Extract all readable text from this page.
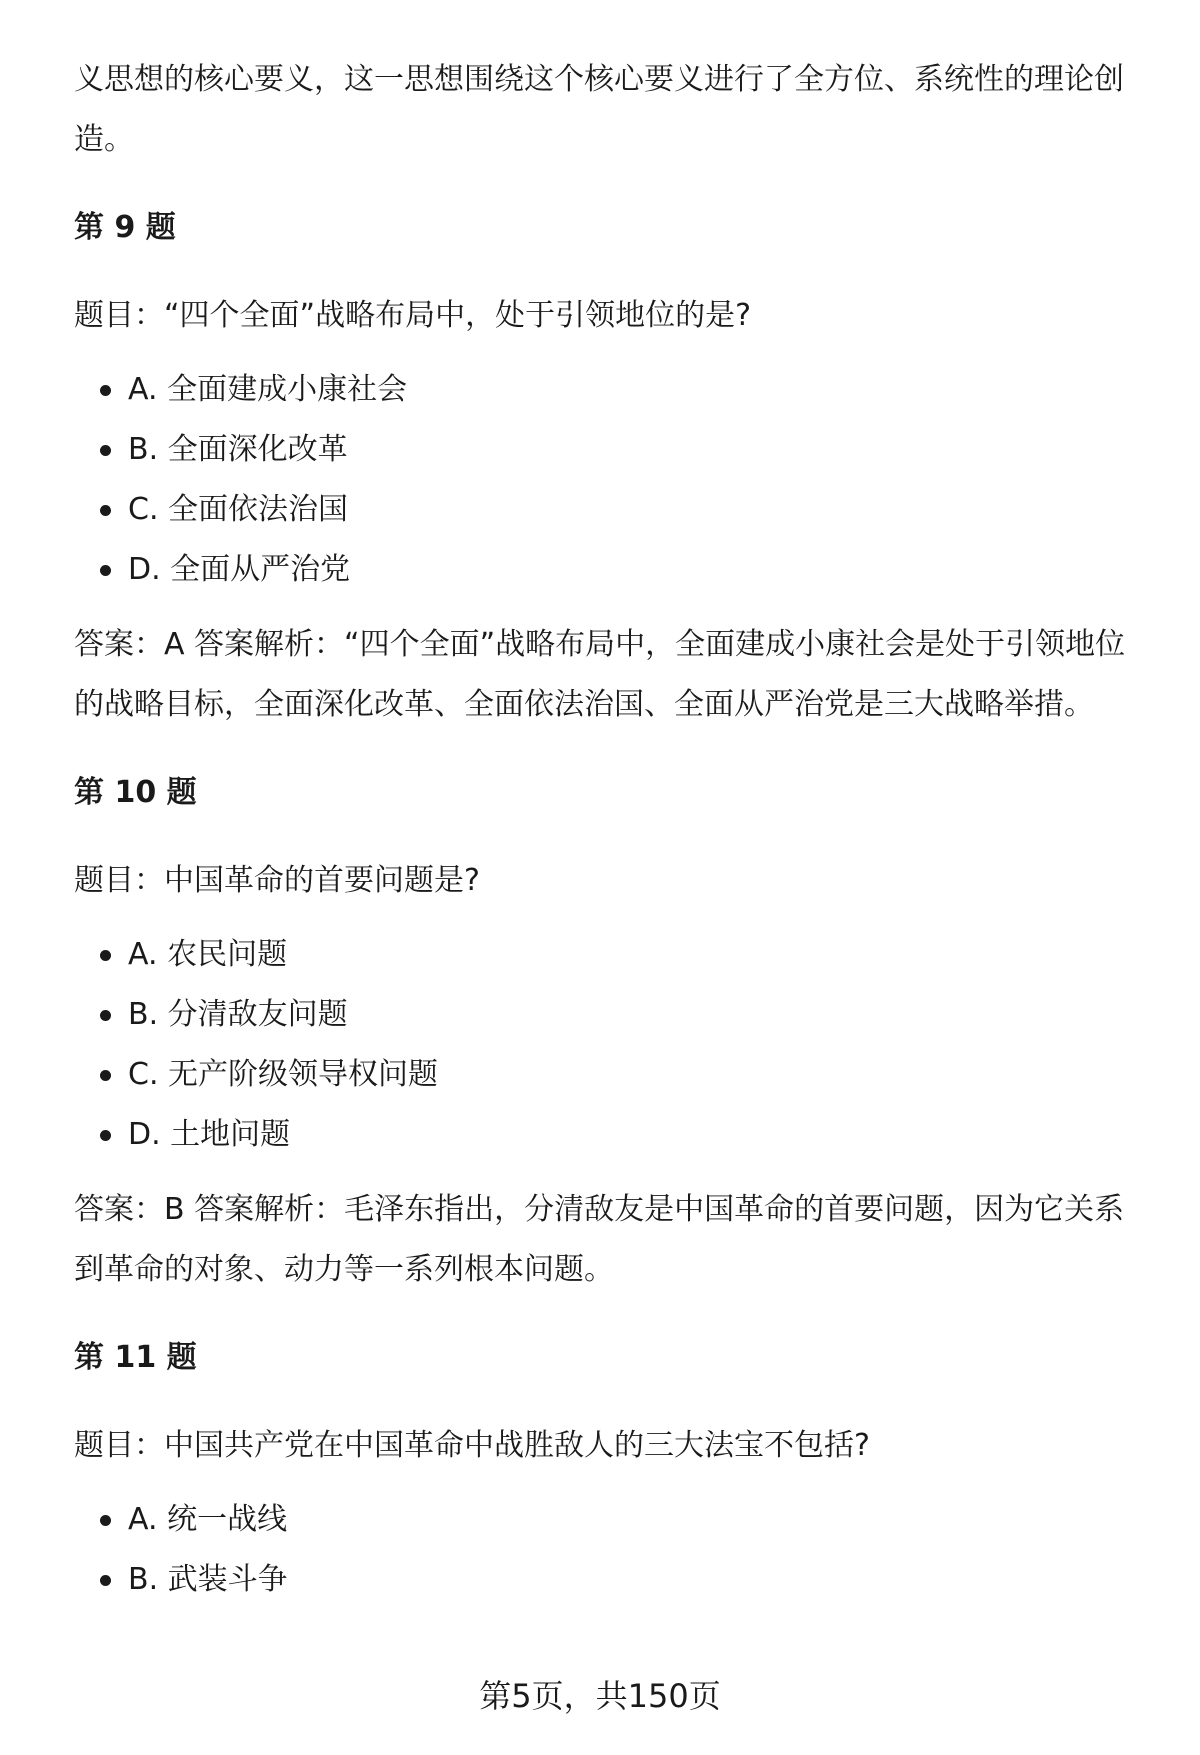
义思想的核心要义，这一思想围绕这个核心要义进行了全方位、系统性的理论创造。

第 9 题

题目：“四个全面”战略布局中，处于引领地位的是?

A. 全面建成小康社会
B. 全面深化改革
C. 全面依法治国
D. 全面从严治党

答案：A 答案解析：“四个全面”战略布局中，全面建成小康社会是处于引领地位的战略目标，全面深化改革、全面依法治国、全面从严治党是三大战略举措。

第 10 题

题目：中国革命的首要问题是?

A. 农民问题
B. 分清敌友问题
C. 无产阶级领导权问题
D. 土地问题

答案：B 答案解析：毛泽东指出，分清敌友是中国革命的首要问题，因为它关系到革命的对象、动力等一系列根本问题。

第 11 题

题目：中国共产党在中国革命中战胜敌人的三大法宝不包括?

A. 统一战线
B. 武装斗争
第5页，共150页
